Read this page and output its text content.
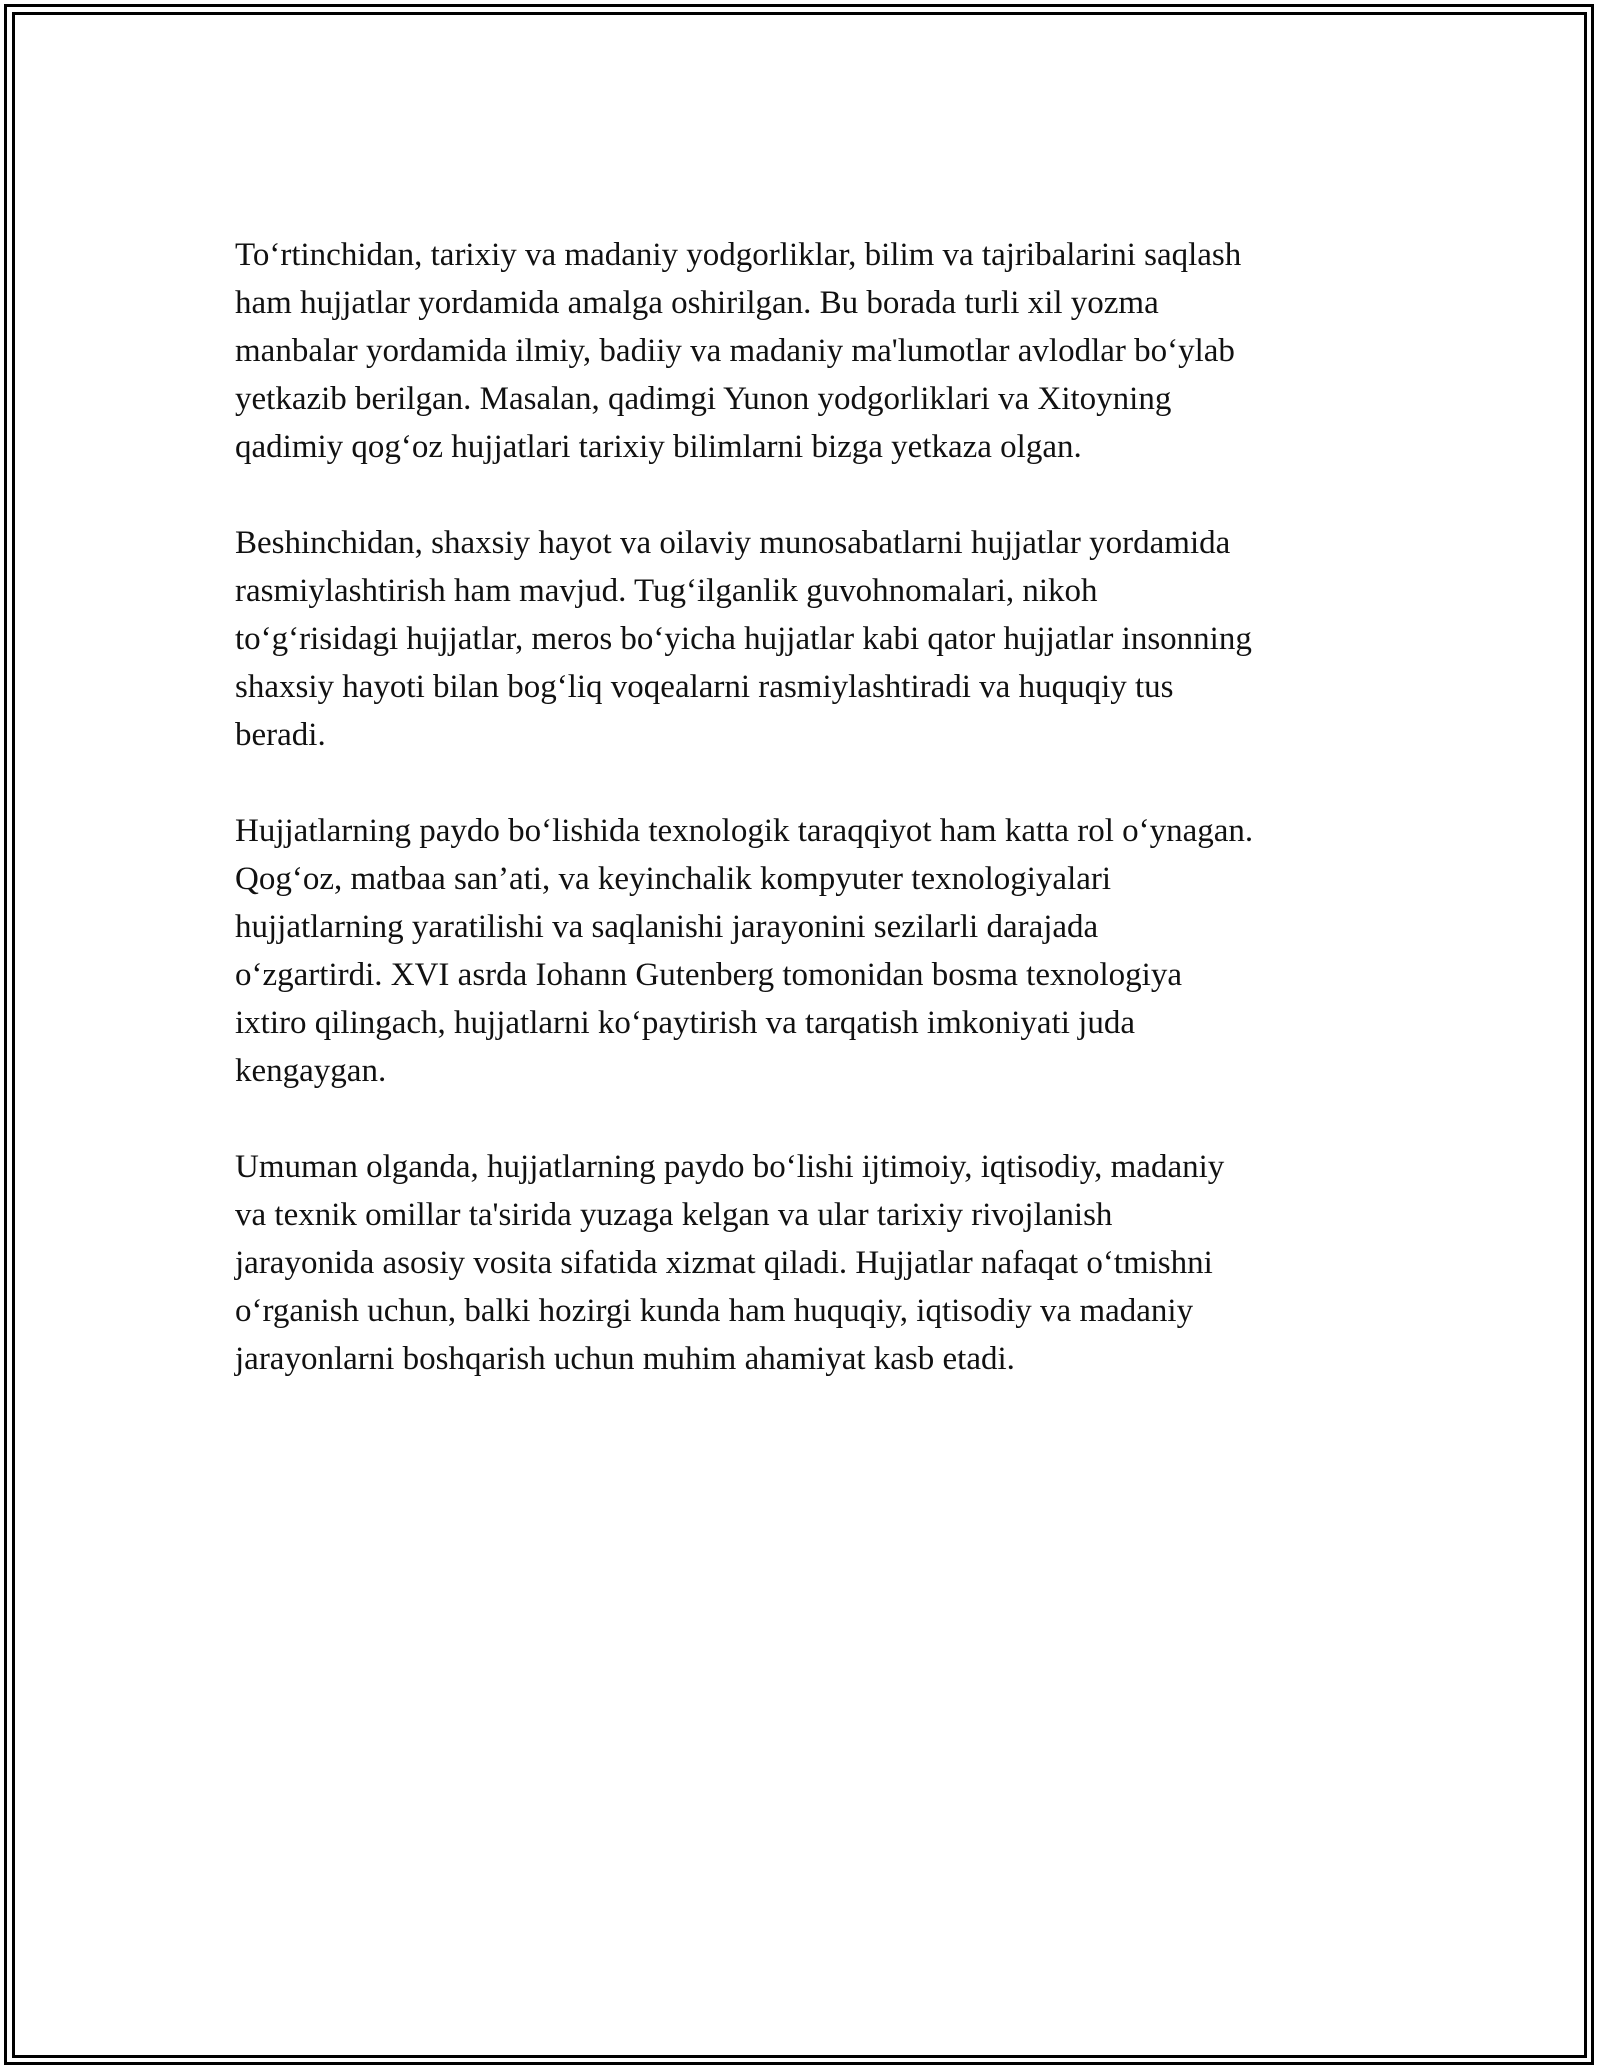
To‘rtinchidan, tarixiy va madaniy yodgorliklar, bilim va tajribalarini saqlash
ham hujjatlar yordamida amalga oshirilgan. Bu borada turli xil yozma
manbalar yordamida ilmiy, badiiy va madaniy ma'lumotlar avlodlar bo‘ylab
yetkazib berilgan. Masalan, qadimgi Yunon yodgorliklari va Xitoyning
qadimiy qog‘oz hujjatlari tarixiy bilimlarni bizga yetkaza olgan.

Beshinchidan, shaxsiy hayot va oilaviy munosabatlarni hujjatlar yordamida
rasmiylashtirish ham mavjud. Tug‘ilganlik guvohnomalari, nikoh
to‘g‘risidagi hujjatlar, meros bo‘yicha hujjatlar kabi qator hujjatlar insonning
shaxsiy hayoti bilan bog‘liq voqealarni rasmiylashtiradi va huquqiy tus
beradi.

Hujjatlarning paydo bo‘lishida texnologik taraqqiyot ham katta rol o‘ynagan.
Qog‘oz, matbaa san’ati, va keyinchalik kompyuter texnologiyalari
hujjatlarning yaratilishi va saqlanishi jarayonini sezilarli darajada
o‘zgartirdi. XVI asrda Iohann Gutenberg tomonidan bosma texnologiya
ixtiro qilingach, hujjatlarni ko‘paytirish va tarqatish imkoniyati juda
kengaygan.

Umuman olganda, hujjatlarning paydo bo‘lishi ijtimoiy, iqtisodiy, madaniy
va texnik omillar ta'sirida yuzaga kelgan va ular tarixiy rivojlanish
jarayonida asosiy vosita sifatida xizmat qiladi. Hujjatlar nafaqat o‘tmishni
o‘rganish uchun, balki hozirgi kunda ham huquqiy, iqtisodiy va madaniy
jarayonlarni boshqarish uchun muhim ahamiyat kasb etadi.
